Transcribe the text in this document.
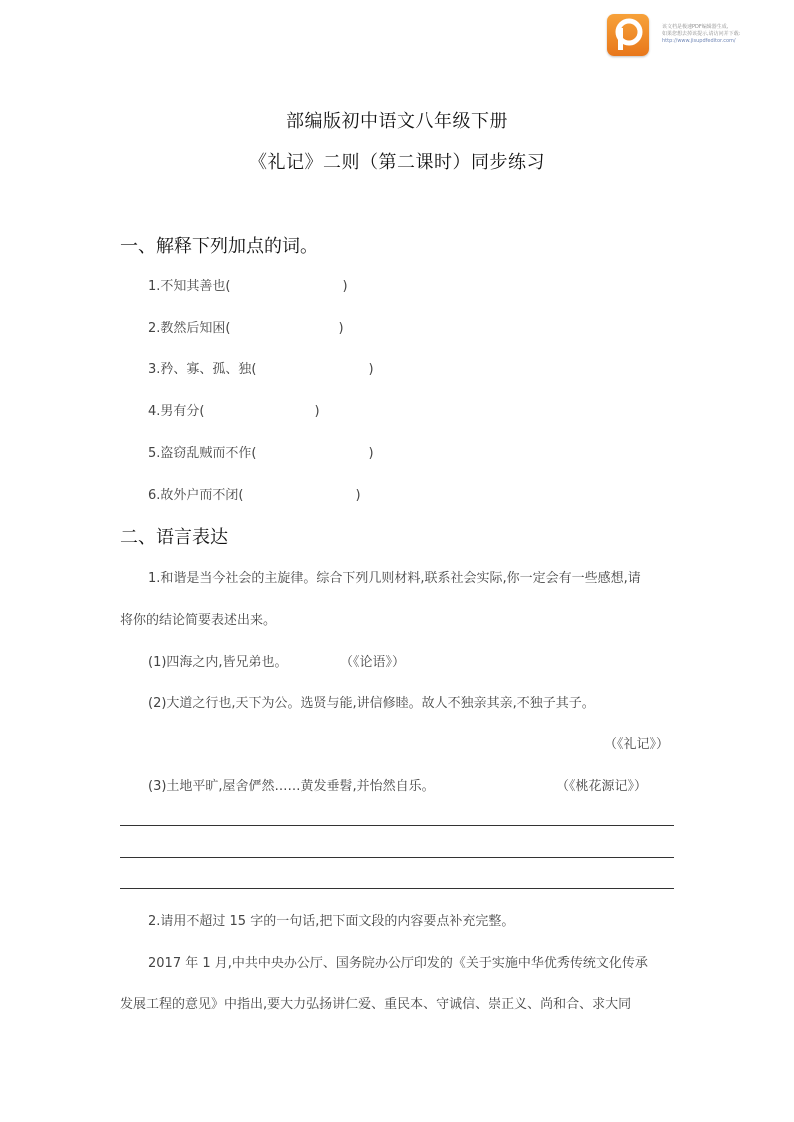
该文档是极速PDF编辑器生成,
如果您想去掉该提示,请访问并下载:
http://www.jisupdfeditor.com/
部编版初中语文八年级下册
《礼记》二则（第二课时）同步练习
一、解释下列加点的词。
1.不知其善也(	)
2.教然后知困(	)
3.矜、寡、孤、独(	)
4.男有分(	)
5.盗窃乱贼而不作(	)
6.故外户而不闭(	)
二、语言表达
1.和谐是当今社会的主旋律。综合下列几则材料,联系社会实际,你一定会有一些感想,请
将你的结论简要表述出来。
(1)四海之内,皆兄弟也。	（《论语》）
(2)大道之行也,天下为公。选贤与能,讲信修睦。故人不独亲其亲,不独子其子。
（《礼记》）
(3)土地平旷,屋舍俨然……黄发垂髫,并怡然自乐。	（《桃花源记》）
2.请用不超过 15 字的一句话,把下面文段的内容要点补充完整。
2017 年 1 月,中共中央办公厅、国务院办公厅印发的《关于实施中华优秀传统文化传承
发展工程的意见》中指出,要大力弘扬讲仁爱、重民本、守诚信、崇正义、尚和合、求大同
